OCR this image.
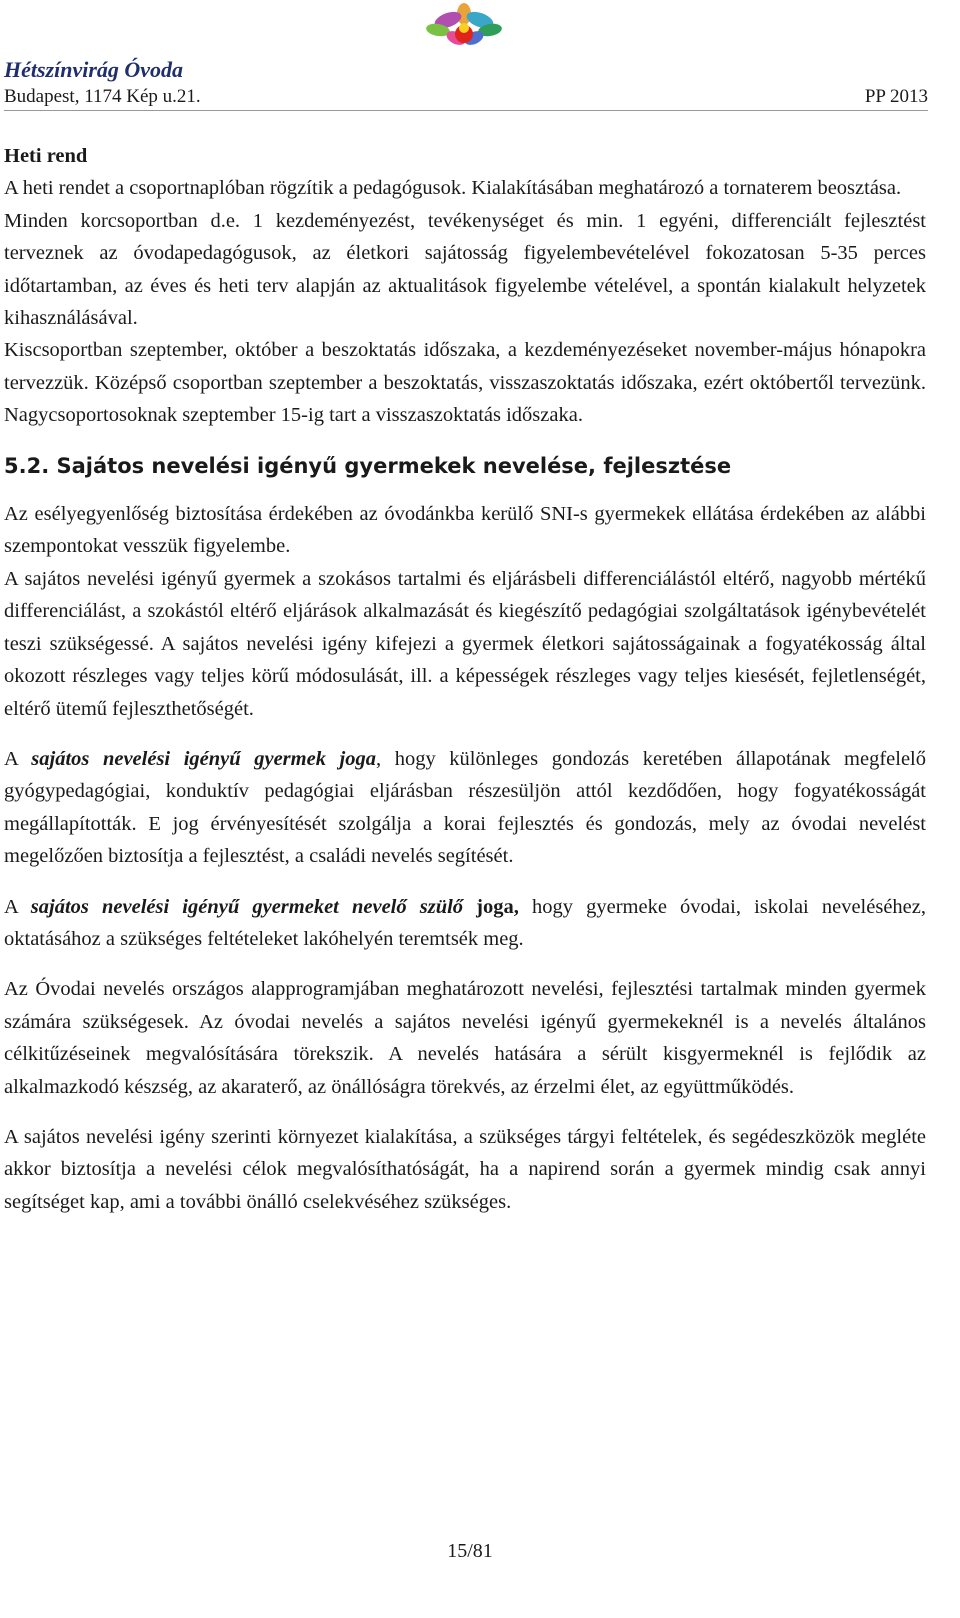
Hétszínvirág Óvoda
Budapest, 1174 Kép u.21.	PP 2013

Heti rend

A heti rendet a csoportnaplóban rögzítik a pedagógusok. Kialakításában meghatározó a tornaterem beosztása.

Minden korcsoportban d.e. 1 kezdeményezést, tevékenységet és min. 1 egyéni, differenciált fejlesztést terveznek az óvodapedagógusok, az életkori sajátosság figyelembevételével fokozatosan 5-35 perces időtartamban, az éves és heti terv alapján az aktualitások figyelembe vételével, a spontán kialakult helyzetek kihasználásával.

Kiscsoportban szeptember, október a beszoktatás időszaka, a kezdeményezéseket november-május hónapokra tervezzük. Középső csoportban szeptember a beszoktatás, visszaszoktatás időszaka, ezért októbertől tervezünk. Nagycsoportosoknak szeptember 15-ig tart a visszaszoktatás időszaka.

5.2. Sajátos nevelési igényű gyermekek nevelése, fejlesztése

Az esélyegyenlőség biztosítása érdekében az óvodánkba kerülő SNI-s gyermekek ellátása érdekében az alábbi szempontokat vesszük figyelembe.

A sajátos nevelési igényű gyermek a szokásos tartalmi és eljárásbeli differenciálástól eltérő, nagyobb mértékű differenciálást, a szokástól eltérő eljárások alkalmazását és kiegészítő pedagógiai szolgáltatások igénybevételét teszi szükségessé. A sajátos nevelési igény kifejezi a gyermek életkori sajátosságainak a fogyatékosság által okozott részleges vagy teljes körű módosulását, ill. a képességek részleges vagy teljes kiesését, fejletlenségét, eltérő ütemű fejleszthetőségét.

A sajátos nevelési igényű gyermek joga, hogy különleges gondozás keretében állapotának megfelelő gyógypedagógiai, konduktív pedagógiai eljárásban részesüljön attól kezdődően, hogy fogyatékosságát megállapították. E jog érvényesítését szolgálja a korai fejlesztés és gondozás, mely az óvodai nevelést megelőzően biztosítja a fejlesztést, a családi nevelés segítését.

A sajátos nevelési igényű gyermeket nevelő szülő joga, hogy gyermeke óvodai, iskolai neveléséhez, oktatásához a szükséges feltételeket lakóhelyén teremtsék meg.

Az Óvodai nevelés országos alapprogramjában meghatározott nevelési, fejlesztési tartalmak minden gyermek számára szükségesek. Az óvodai nevelés a sajátos nevelési igényű gyermekeknél is a nevelés általános célkitűzéseinek megvalósítására törekszik. A nevelés hatására a sérült kisgyermeknél is fejlődik az alkalmazkodó készség, az akaraterő, az önállóságra törekvés, az érzelmi élet, az együttműködés.

A sajátos nevelési igény szerinti környezet kialakítása, a szükséges tárgyi feltételek, és segédeszközök megléte akkor biztosítja a nevelési célok megvalósíthatóságát, ha a napirend során a gyermek mindig csak annyi segítséget kap, ami a további önálló cselekvéséhez szükséges.

15/81
